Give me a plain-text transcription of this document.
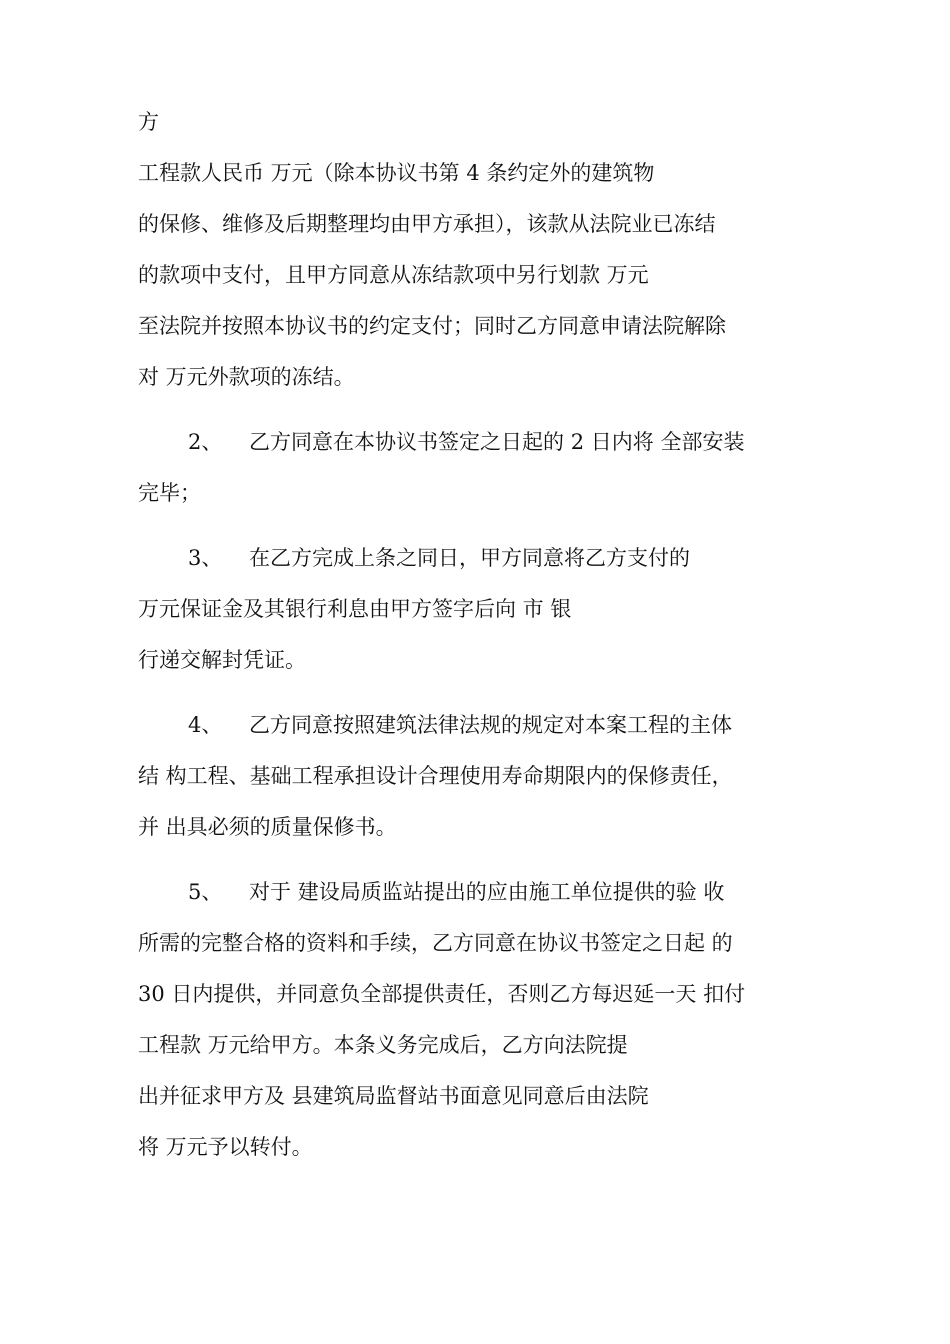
方
工程款人民币 万元（除本协议书第 4 条约定外的建筑物
的保修、维修及后期整理均由甲方承担），该款从法院业已冻结
的款项中支付，且甲方同意从冻结款项中另行划款 万元
至法院并按照本协议书的约定支付；同时乙方同意申请法院解除
对 万元外款项的冻结。
2、    乙方同意在本协议书签定之日起的 2 日内将 全部安装
完毕；
3、    在乙方完成上条之同日，甲方同意将乙方支付的
万元保证金及其银行利息由甲方签字后向 市 银
行递交解封凭证。
4、    乙方同意按照建筑法律法规的规定对本案工程的主体
结 构工程、基础工程承担设计合理使用寿命期限内的保修责任，
并 出具必须的质量保修书。
5、    对于 建设局质监站提出的应由施工单位提供的验 收
所需的完整合格的资料和手续，乙方同意在协议书签定之日起 的
30 日内提供，并同意负全部提供责任，否则乙方每迟延一天 扣付
工程款 万元给甲方。本条义务完成后，乙方向法院提
出并征求甲方及 县建筑局监督站书面意见同意后由法院
将 万元予以转付。
